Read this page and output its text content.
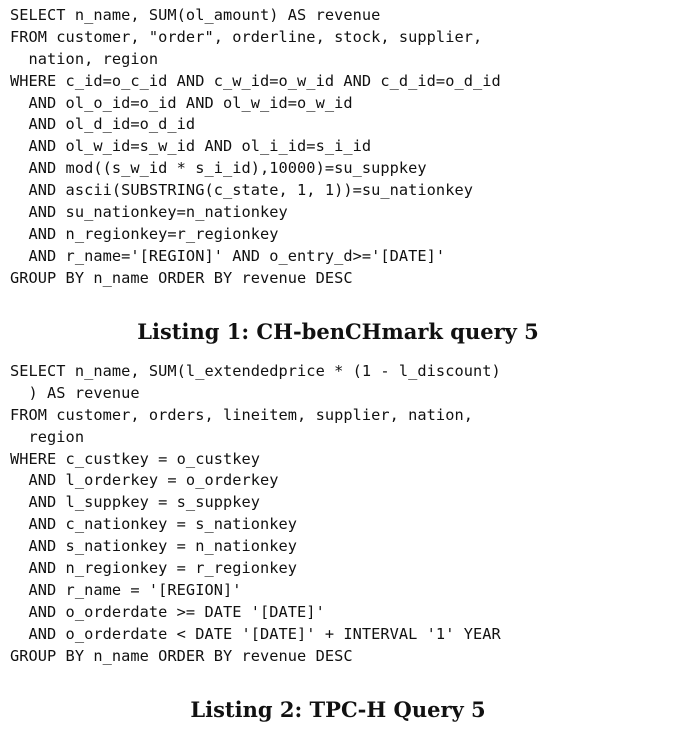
SELECT n_name, SUM(ol_amount) AS revenue
FROM customer, "order", orderline, stock, supplier,
nation, region
WHERE c_id=o_c_id AND c_w_id=o_w_id AND c_d_id=o_d_id
AND ol_o_id=o_id AND ol_w_id=o_w_id
AND ol_d_id=o_d_id
AND ol_w_id=s_w_id AND ol_i_id=s_i_id
AND mod((s_w_id * s_i_id),10000)=su_suppkey
AND ascii(SUBSTRING(c_state, 1, 1))=su_nationkey
AND su_nationkey=n_nationkey
AND n_regionkey=r_regionkey
AND r_name='[REGION]' AND o_entry_d>='[DATE]'
GROUP BY n_name ORDER BY revenue DESC
Listing 1: CH-benCHmark query 5
SELECT n_name, SUM(l_extendedprice * (1 - l_discount)
) AS revenue
FROM customer, orders, lineitem, supplier, nation,
region
WHERE c_custkey = o_custkey
AND l_orderkey = o_orderkey
AND l_suppkey = s_suppkey
AND c_nationkey = s_nationkey
AND s_nationkey = n_nationkey
AND n_regionkey = r_regionkey
AND r_name = '[REGION]'
AND o_orderdate >= DATE '[DATE]'
AND o_orderdate < DATE '[DATE]' + INTERVAL '1' YEAR
GROUP BY n_name ORDER BY revenue DESC
Listing 2: TPC-H Query 5
